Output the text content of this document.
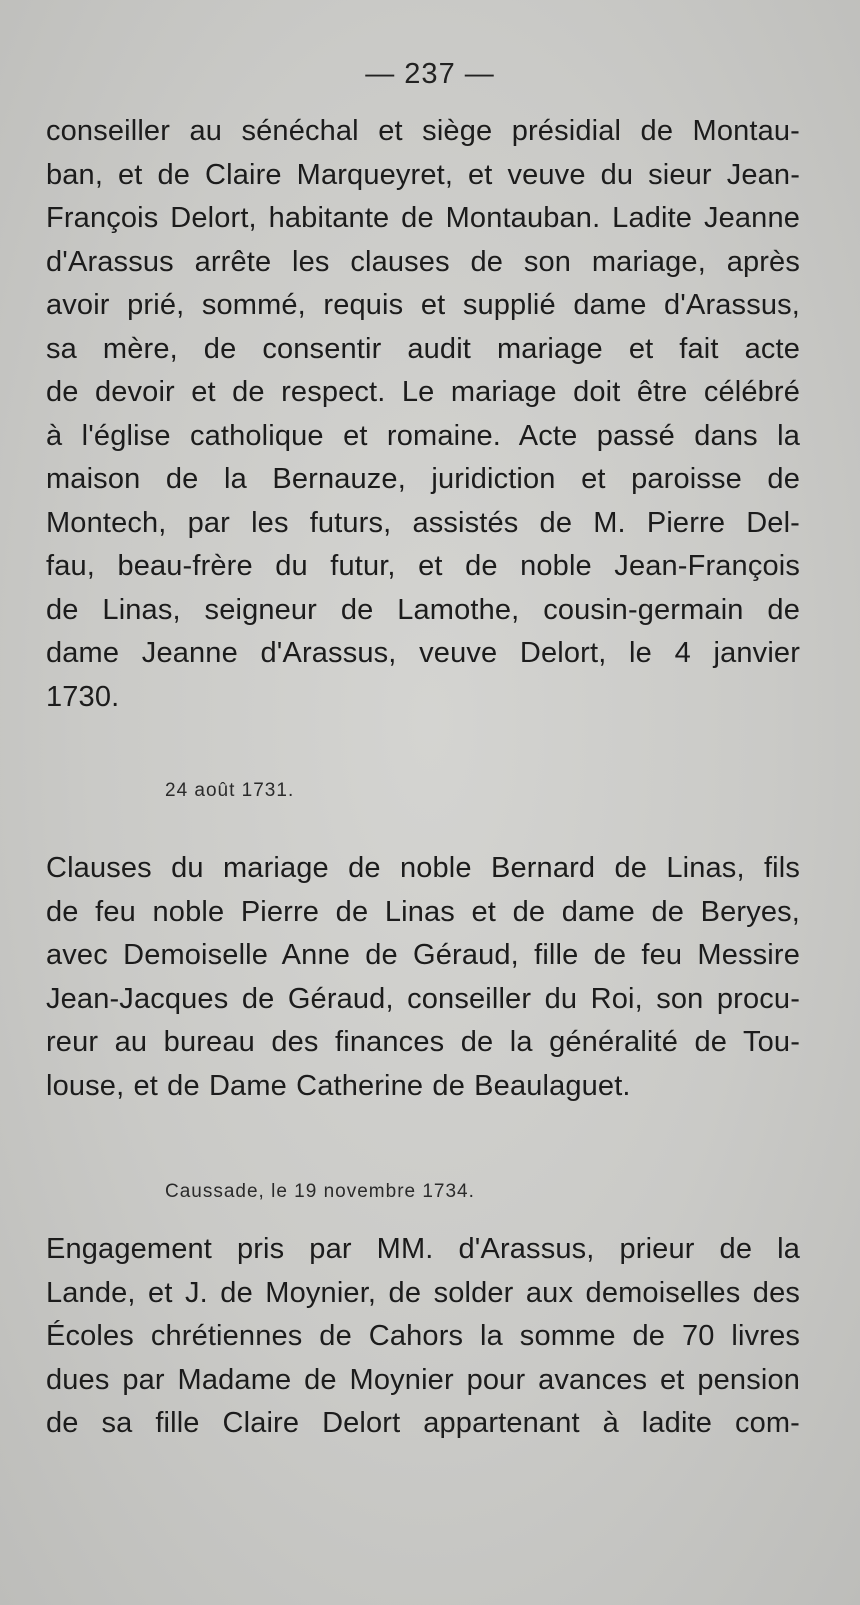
— 237 —

conseiller au sénéchal et siège présidial de Montau-

ban, et de Claire Marqueyret, et veuve du sieur Jean-

François Delort, habitante de Montauban. Ladite Jeanne

d'Arassus arrête les clauses de son mariage, après

avoir prié, sommé, requis et supplié dame d'Arassus,

sa mère, de consentir audit mariage et fait acte

de devoir et de respect. Le mariage doit être célébré

à l'église catholique et romaine. Acte passé dans la

maison de la Bernauze, juridiction et paroisse de

Montech, par les futurs, assistés de M. Pierre Del-

fau, beau-frère du futur, et de noble Jean-François

de Linas, seigneur de Lamothe, cousin-germain de

dame Jeanne d'Arassus, veuve Delort, le 4 janvier

1730.

24 août 1731.

Clauses du mariage de noble Bernard de Linas, fils

de feu noble Pierre de Linas et de dame de Beryes,

avec Demoiselle Anne de Géraud, fille de feu Messire

Jean-Jacques de Géraud, conseiller du Roi, son procu-

reur au bureau des finances de la généralité de Tou-

louse, et de Dame Catherine de Beaulaguet.

Caussade, le 19 novembre 1734.

Engagement pris par MM. d'Arassus, prieur de la

Lande, et J. de Moynier, de solder aux demoiselles des

Écoles chrétiennes de Cahors la somme de 70 livres

dues par Madame de Moynier pour avances et pension

de sa fille Claire Delort appartenant à ladite com-
